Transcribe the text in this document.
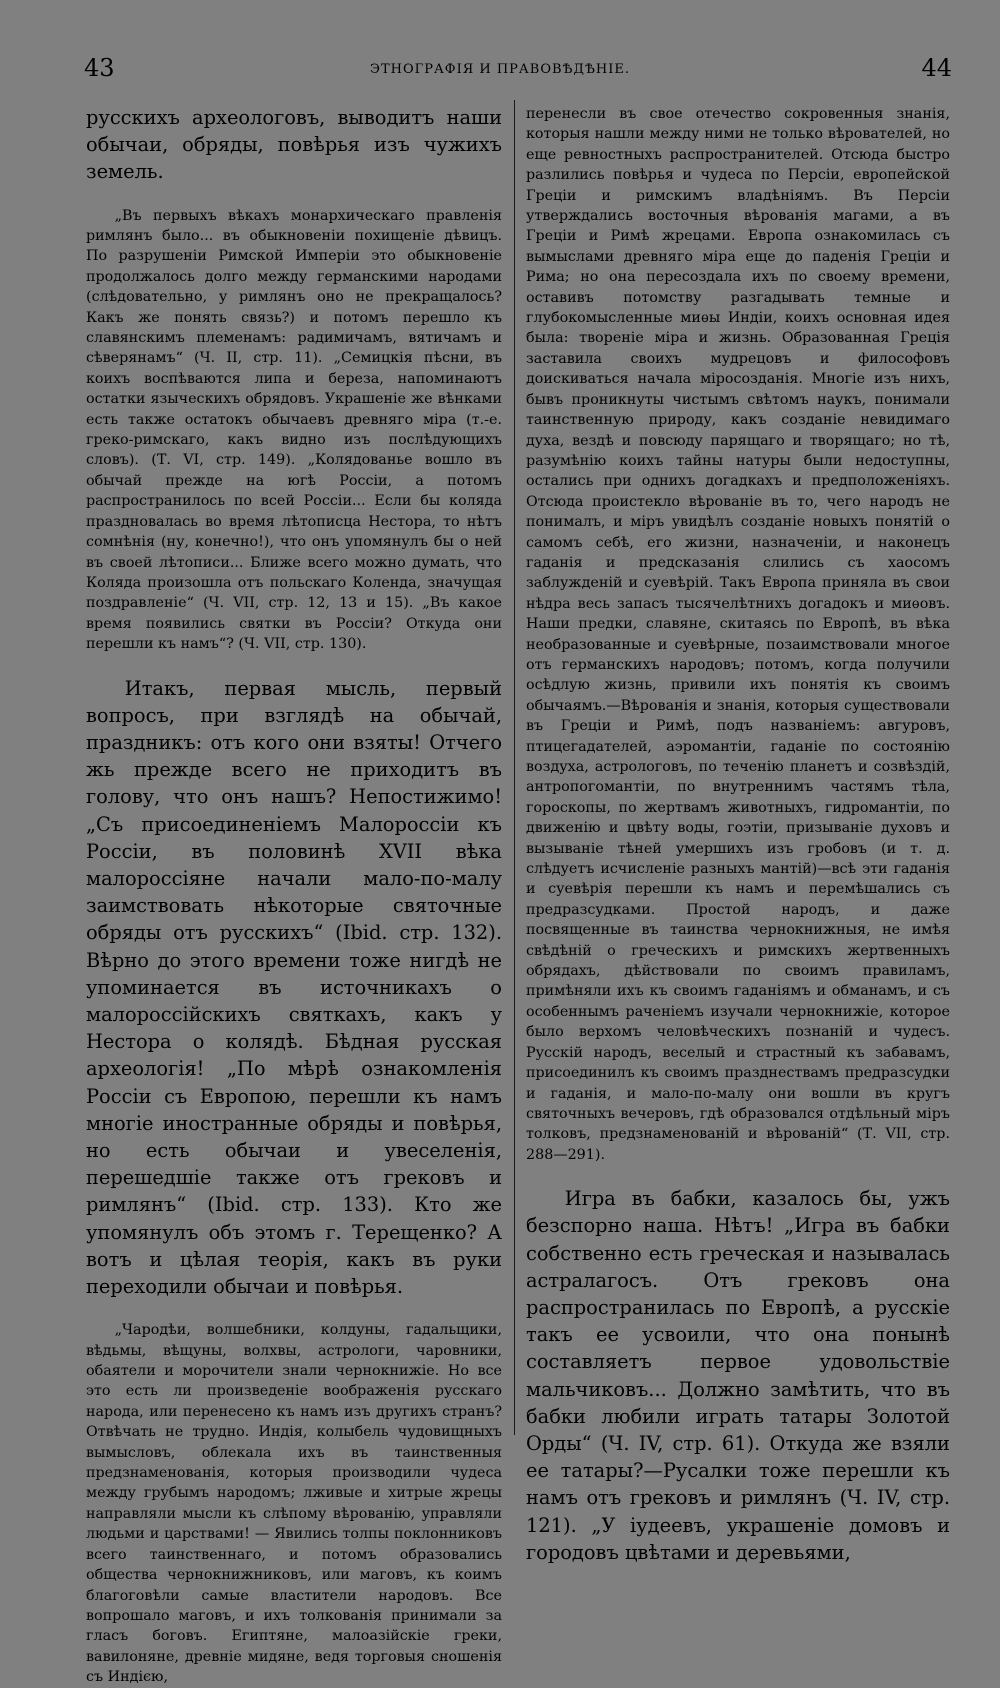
43	ЭТНОГРАФІЯ И ПРАВОВѢДѢНІЕ.	44

русскихъ археологовъ, выводитъ наши обычаи, обряды, повѣрья изъ чужихъ земель.

„Въ первыхъ вѣкахъ монархическаго правленія римлянъ было... въ обыкновеніи похищеніе дѣвицъ. По разрушеніи Римской Имперіи это обыкновеніе продолжалось долго между германскими народами (слѣдовательно, у римлянъ оно не прекращалось? Какъ же понять связь?) и потомъ перешло къ славянскимъ племенамъ: радимичамъ, вятичамъ и сѣверянамъ“ (Ч. II, стр. 11). „Семицкія пѣсни, въ коихъ воспѣваются липа и береза, напоминаютъ остатки языческихъ обрядовъ. Украшеніе же вѣнками есть также остатокъ обычаевъ древняго міра (т.-е. греко-римскаго, какъ видно изъ послѣдующихъ словъ). (Т. VI, стр. 149). „Колядованье вошло въ обычай прежде на югѣ Россіи, а потомъ распространилось по всей Россіи... Если бы коляда праздновалась во время лѣтописца Нестора, то нѣтъ сомнѣнія (ну, конечно!), что онъ упомянулъ бы о ней въ своей лѣтописи... Ближе всего можно думать, что Коляда произошла отъ польскаго Коленда, значущая поздравленіе“ (Ч. VII, стр. 12, 13 и 15). „Въ какое время появились святки въ Россіи? Откуда они перешли къ намъ“? (Ч. VII, стр. 130).

Итакъ, первая мысль, первый вопросъ, при взглядѣ на обычай, праздникъ: отъ кого они взяты! Отчего жь прежде всего не приходитъ въ голову, что онъ нашъ? Непостижимо! „Съ присоединеніемъ Малороссіи къ Россіи, въ половинѣ XVII вѣка малороссіяне начали мало-по-малу заимствовать нѣкоторые святочные обряды отъ русскихъ“ (Ibid. стр. 132). Вѣрно до этого времени тоже нигдѣ не упоминается въ источникахъ о малороссійскихъ святкахъ, какъ у Нестора о колядѣ. Бѣдная русская археологія! „По мѣрѣ ознакомленія Россіи съ Европою, перешли къ намъ многіе иностранные обряды и повѣрья, но есть обычаи и увеселенія, перешедшіе также отъ грековъ и римлянъ“ (Ibid. стр. 133). Кто же упомянулъ объ этомъ г. Терещенко? А вотъ и цѣлая теорія, какъ въ руки переходили обычаи и повѣрья.

„Чародѣи, волшебники, колдуны, гадальщики, вѣдьмы, вѣщуны, волхвы, астрологи, чаровники, обаятели и морочители знали чернокнижіе. Но все это есть ли произведеніе воображенія русскаго народа, или перенесено къ намъ изъ другихъ странъ? Отвѣчать не трудно. Индія, колыбель чудовищныхъ вымысловъ, облекала ихъ въ таинственныя предзнаменованія, которыя производили чудеса между грубымъ народомъ; лживые и хитрые жрецы направляли мысли къ слѣпому вѣрованію, управляли людьми и царствами! — Явились толпы поклонниковъ всего таинственнаго, и потомъ образовались общества чернокнижниковъ, или маговъ, къ коимъ благоговѣли самые властители народовъ. Все вопрошало маговъ, и ихъ толкованія принимали за гласъ боговъ. Египтяне, малоазійскіе греки, вавилоняне, древніе мидяне, ведя торговыя сношенія съ Индією,

перенесли въ свое отечество сокровенныя знанія, которыя нашли между ними не только вѣрователей, но еще ревностныхъ распространителей. Отсюда быстро разлились повѣрья и чудеса по Персіи, европейской Греціи и римскимъ владѣніямъ. Въ Персіи утверждались восточныя вѣрованія магами, а въ Греціи и Римѣ жрецами. Европа ознакомилась съ вымыслами древняго міра еще до паденія Греціи и Рима; но она пересоздала ихъ по своему времени, оставивъ потомству разгадывать темные и глубокомысленные миѳы Индіи, коихъ основная идея была: твореніе міра и жизнь. Образованная Греція заставила своихъ мудрецовъ и философовъ доискиваться начала міросозданія. Многіе изъ нихъ, бывъ проникнуты чистымъ свѣтомъ наукъ, понимали таинственную природу, какъ созданіе невидимаго духа, вездѣ и повсюду парящаго и творящаго; но тѣ, разумѣнію коихъ тайны натуры были недоступны, остались при однихъ догадкахъ и предположеніяхъ. Отсюда проистекло вѣрованіе въ то, чего народъ не понималъ, и міръ увидѣлъ созданіе новыхъ понятій о самомъ себѣ, его жизни, назначеніи, и наконецъ гаданія и предсказанія слились съ хаосомъ заблужденій и суевѣрій. Такъ Европа приняла въ свои нѣдра весь запасъ тысячелѣтнихъ догадокъ и миѳовъ. Наши предки, славяне, скитаясь по Европѣ, въ вѣка необразованные и суевѣрные, позаимствовали многое отъ германскихъ народовъ; потомъ, когда получили осѣдлую жизнь, привили ихъ понятія къ своимъ обычаямъ.—Вѣрованія и знанія, которыя существовали въ Греціи и Римѣ, подъ названіемъ: авгуровъ, птицегадателей, аэромантіи, гаданіе по состоянію воздуха, астрологовъ, по теченію планетъ и созвѣздій, антропогомантіи, по внутреннимъ частямъ тѣла, гороскопы, по жертвамъ животныхъ, гидромантіи, по движенію и цвѣту воды, гоэтіи, призываніе духовъ и вызываніе тѣней умершихъ изъ гробовъ (и т. д. слѣдуетъ исчисленіе разныхъ мантій)—всѣ эти гаданія и суевѣрія перешли къ намъ и перемѣшались съ предразсудками. Простой народъ, и даже посвященные въ таинства чернокнижныя, не имѣя свѣдѣній о греческихъ и римскихъ жертвенныхъ обрядахъ, дѣйствовали по своимъ правиламъ, примѣняли ихъ къ своимъ гаданіямъ и обманамъ, и съ особеннымъ раченіемъ изучали чернокнижіе, которое было верхомъ человѣческихъ познаній и чудесъ. Русскій народъ, веселый и страстный къ забавамъ, присоединилъ къ своимъ празднествамъ предразсудки и гаданія, и мало-по-малу они вошли въ кругъ святочныхъ вечеровъ, гдѣ образовался отдѣльный міръ толковъ, предзнаменованій и вѣрованій“ (Т. VII, стр. 288—291).

Игра въ бабки, казалось бы, ужъ безспорно наша. Нѣтъ! „Игра въ бабки собственно есть греческая и называлась астралагосъ. Отъ грековъ она распространилась по Европѣ, а русскіе такъ ее усвоили, что она понынѣ составляетъ первое удовольствіе мальчиковъ... Должно замѣтить, что въ бабки любили играть татары Золотой Орды“ (Ч. IV, стр. 61). Откуда же взяли ее татары?—Русалки тоже перешли къ намъ отъ грековъ и римлянъ (Ч. IV, стр. 121). „У іудеевъ, украшеніе домовъ и городовъ цвѣтами и деревьями,
